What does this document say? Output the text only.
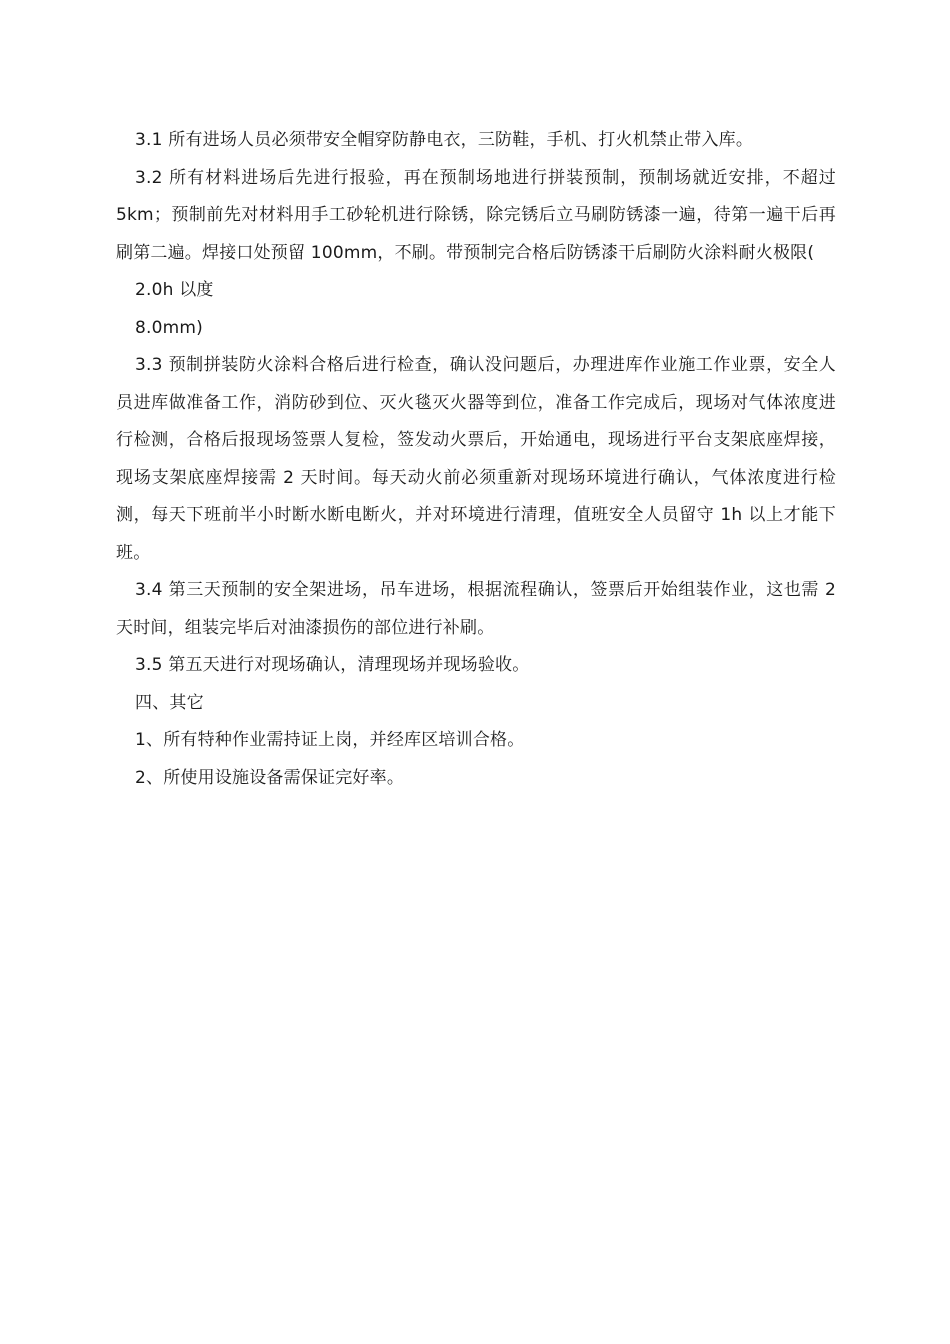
3.1 所有进场人员必须带安全帽穿防静电衣，三防鞋，手机、打火机禁止带入库。

3.2 所有材料进场后先进行报验，再在预制场地进行拼装预制，预制场就近安排，不超过 5km；预制前先对材料用手工砂轮机进行除锈，除完锈后立马刷防锈漆一遍，待第一遍干后再刷第二遍。焊接口处预留 100mm，不刷。带预制完合格后防锈漆干后刷防火涂料耐火极限(

2.0h 以度

8.0mm)

3.3 预制拼装防火涂料合格后进行检查，确认没问题后，办理进库作业施工作业票，安全人员进库做准备工作，消防砂到位、灭火毯灭火器等到位，准备工作完成后，现场对气体浓度进行检测，合格后报现场签票人复检，签发动火票后，开始通电，现场进行平台支架底座焊接，现场支架底座焊接需 2 天时间。每天动火前必须重新对现场环境进行确认，气体浓度进行检测，每天下班前半小时断水断电断火，并对环境进行清理，值班安全人员留守 1h 以上才能下班。

3.4 第三天预制的安全架进场，吊车进场，根据流程确认，签票后开始组装作业，这也需 2 天时间，组装完毕后对油漆损伤的部位进行补刷。

3.5 第五天进行对现场确认，清理现场并现场验收。

四、其它

1、所有特种作业需持证上岗，并经库区培训合格。

2、所使用设施设备需保证完好率。
